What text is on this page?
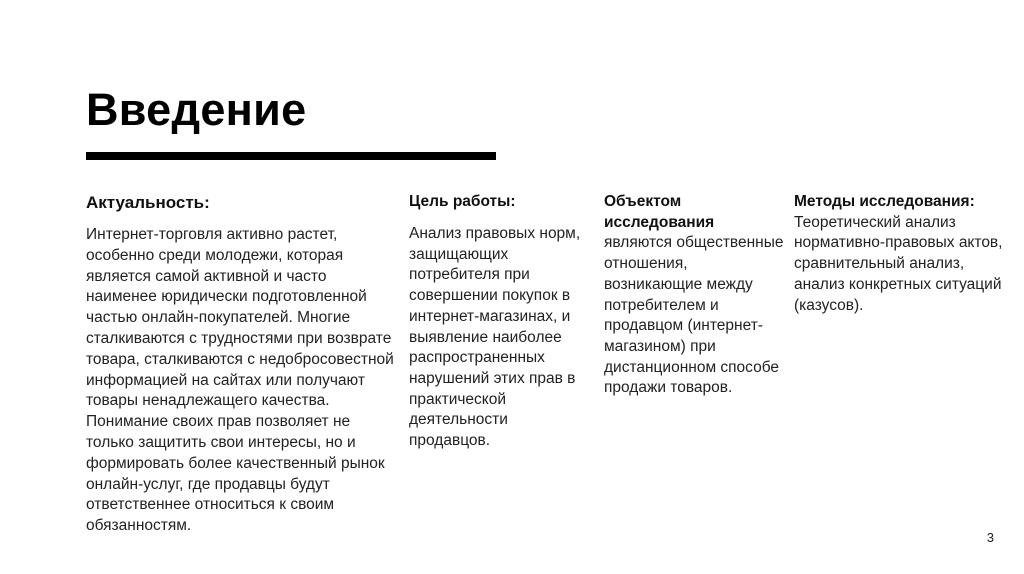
Введение
Актуальность:
Интернет-торговля активно растет, особенно среди молодежи, которая является самой активной и часто наименее юридически подготовленной частью онлайн-покупателей. Многие сталкиваются с трудностями при возврате товара, сталкиваются с недобросовестной информацией на сайтах или получают товары ненадлежащего качества. Понимание своих прав позволяет не только защитить свои интересы, но и формировать более качественный рынок онлайн-услуг, где продавцы будут ответственнее относиться к своим обязанностям.
Цель работы:
Анализ правовых норм, защищающих потребителя при совершении покупок в интернет-магазинах, и выявление наиболее распространенных нарушений этих прав в практической деятельности продавцов.
Объектом исследования
являются общественные отношения, возникающие между потребителем и продавцом (интернет-магазином) при дистанционном способе продажи товаров.
Методы исследования:
Теоретический анализ нормативно-правовых актов, сравнительный анализ, анализ конкретных ситуаций (казусов).
3
